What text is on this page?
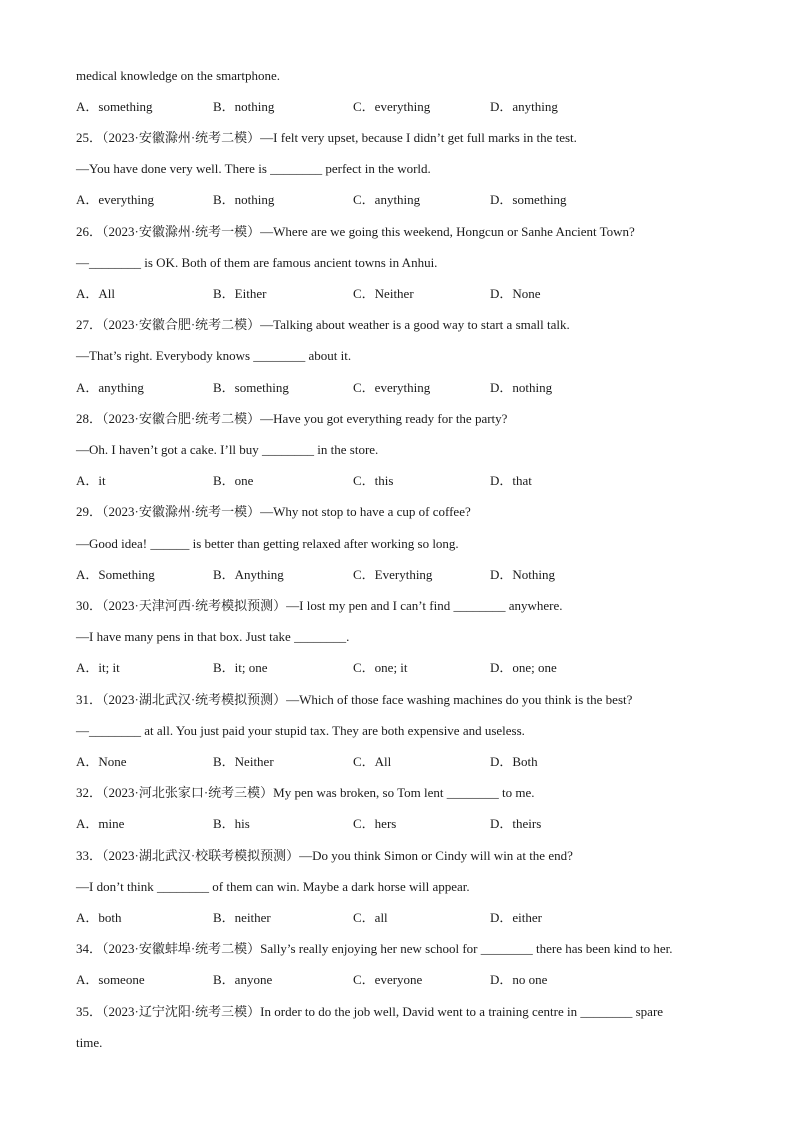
medical knowledge on the smartphone.
A．something	B．nothing	C．everything	D．anything
25．（2023·安徽滁州·统考二模）—I felt very upset, because I didn’t get full marks in the test.
—You have done very well. There is ________ perfect in the world.
A．everything	B．nothing	C．anything	D．something
26．（2023·安徽滁州·统考一模）—Where are we going this weekend, Hongcun or Sanhe Ancient Town?
—________ is OK. Both of them are famous ancient towns in Anhui.
A．All	B．Either	C．Neither	D．None
27．（2023·安徽合肥·统考二模）—Talking about weather is a good way to start a small talk.
—That’s right. Everybody knows ________ about it.
A．anything	B．something	C．everything	D．nothing
28．（2023·安徽合肥·统考二模）—Have you got everything ready for the party?
—Oh. I haven’t got a cake. I’ll buy ________ in the store.
A．it	B．one	C．this	D．that
29．（2023·安徽滁州·统考一模）—Why not stop to have a cup of coffee?
—Good idea! ______ is better than getting relaxed after working so long.
A．Something	B．Anything	C．Everything	D．Nothing
30．（2023·天津河西·统考模拟预测）—I lost my pen and I can’t find ________ anywhere.
—I have many pens in that box. Just take ________.
A．it; it	B．it; one	C．one; it	D．one; one
31．（2023·湖北武汉·统考模拟预测）—Which of those face washing machines do you think is the best?
—________ at all. You just paid your stupid tax. They are both expensive and useless.
A．None	B．Neither	C．All	D．Both
32．（2023·河北张家口·统考三模）My pen was broken, so Tom lent ________ to me.
A．mine	B．his	C．hers	D．theirs
33．（2023·湖北武汉·校联考模拟预测）—Do you think Simon or Cindy will win at the end?
—I don’t think ________ of them can win. Maybe a dark horse will appear.
A．both	B．neither	C．all	D．either
34．（2023·安徽蚌埠·统考二模）Sally’s really enjoying her new school for ________ there has been kind to her.
A．someone	B．anyone	C．everyone	D．no one
35．（2023·辽宁沈阳·统考三模）In order to do the job well, David went to a training centre in ________ spare
time.
